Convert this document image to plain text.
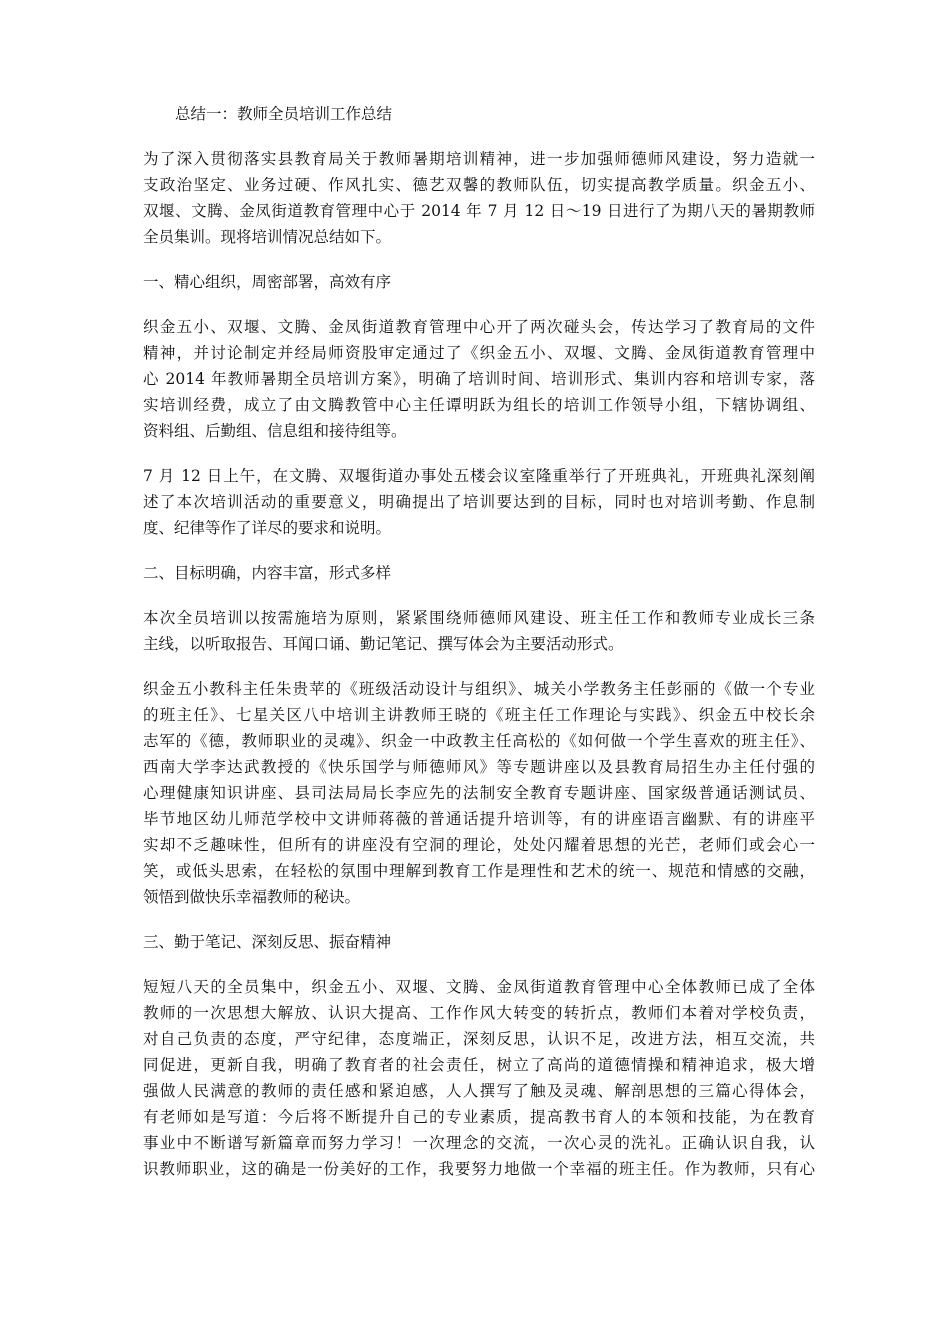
总结一：教师全员培训工作总结
为了深入贯彻落实县教育局关于教师暑期培训精神，进一步加强师德师风建设，努力造就一
支政治坚定、业务过硬、作风扎实、德艺双馨的教师队伍，切实提高教学质量。织金五小、
双堰、文腾、金凤街道教育管理中心于 2014 年 7 月 12 日～19 日进行了为期八天的暑期教师
全员集训。现将培训情况总结如下。
一、精心组织，周密部署，高效有序
织金五小、双堰、文腾、金凤街道教育管理中心开了两次碰头会，传达学习了教育局的文件
精神，并讨论制定并经局师资股审定通过了《织金五小、双堰、文腾、金凤街道教育管理中
心 2014 年教师暑期全员培训方案》，明确了培训时间、培训形式、集训内容和培训专家，落
实培训经费，成立了由文腾教管中心主任谭明跃为组长的培训工作领导小组，下辖协调组、
资料组、后勤组、信息组和接待组等。
7 月 12 日上午，在文腾、双堰街道办事处五楼会议室隆重举行了开班典礼，开班典礼深刻阐
述了本次培训活动的重要意义，明确提出了培训要达到的目标，同时也对培训考勤、作息制
度、纪律等作了详尽的要求和说明。
二、目标明确，内容丰富，形式多样
本次全员培训以按需施培为原则，紧紧围绕师德师风建设、班主任工作和教师专业成长三条
主线，以听取报告、耳闻口诵、勤记笔记、撰写体会为主要活动形式。
织金五小教科主任朱贵苹的《班级活动设计与组织》、城关小学教务主任彭丽的《做一个专业
的班主任》、七星关区八中培训主讲教师王晓的《班主任工作理论与实践》、织金五中校长余
志军的《德，教师职业的灵魂》、织金一中政教主任高松的《如何做一个学生喜欢的班主任》、
西南大学李达武教授的《快乐国学与师德师风》等专题讲座以及县教育局招生办主任付强的
心理健康知识讲座、县司法局局长李应先的法制安全教育专题讲座、国家级普通话测试员、
毕节地区幼儿师范学校中文讲师蒋薇的普通话提升培训等，有的讲座语言幽默、有的讲座平
实却不乏趣味性，但所有的讲座没有空洞的理论，处处闪耀着思想的光芒，老师们或会心一
笑，或低头思索，在轻松的氛围中理解到教育工作是理性和艺术的统一、规范和情感的交融，
领悟到做快乐幸福教师的秘诀。
三、勤于笔记、深刻反思、振奋精神
短短八天的全员集中，织金五小、双堰、文腾、金凤街道教育管理中心全体教师已成了全体
教师的一次思想大解放、认识大提高、工作作风大转变的转折点，教师们本着对学校负责，
对自己负责的态度，严守纪律，态度端正，深刻反思，认识不足，改进方法，相互交流，共
同促进，更新自我，明确了教育者的社会责任，树立了高尚的道德情操和精神追求，极大增
强做人民满意的教师的责任感和紧迫感，人人撰写了触及灵魂、解剖思想的三篇心得体会，
有老师如是写道：今后将不断提升自己的专业素质，提高教书育人的本领和技能，为在教育
事业中不断谱写新篇章而努力学习！一次理念的交流，一次心灵的洗礼。正确认识自我，认
识教师职业，这的确是一份美好的工作，我要努力地做一个幸福的班主任。作为教师，只有心
